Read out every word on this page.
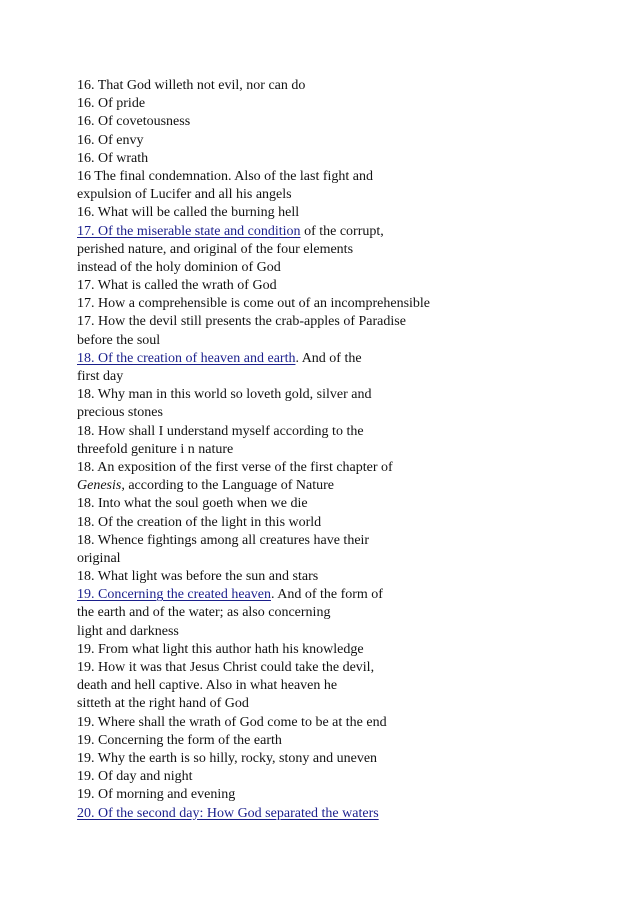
16. That God willeth not evil, nor can do
16. Of pride
16. Of covetousness
16. Of envy
16. Of wrath
16 The final condemnation. Also of the last fight and
expulsion of Lucifer and all his angels
16. What will be called the burning hell
17. Of the miserable state and condition of the corrupt,
perished nature, and original of the four elements
instead of the holy dominion of God
17. What is called the wrath of God
17. How a comprehensible is come out of an incomprehensible
17. How the devil still presents the crab-apples of Paradise
before the soul
18. Of the creation of heaven and earth. And of the
first day
18. Why man in this world so loveth gold, silver and
precious stones
18. How shall I understand myself according to the
threefold geniture i n nature
18. An exposition of the first verse of the first chapter of
Genesis, according to the Language of Nature
18. Into what the soul goeth when we die
18. Of the creation of the light in this world
18. Whence fightings among all creatures have their
original
18. What light was before the sun and stars
19. Concerning the created heaven. And of the form of
the earth and of the water; as also concerning
light and darkness
19. From what light this author hath his knowledge
19. How it was that Jesus Christ could take the devil,
death and hell captive. Also in what heaven he
sitteth at the right hand of God
19. Where shall the wrath of God come to be at the end
19. Concerning the form of the earth
19. Why the earth is so hilly, rocky, stony and uneven
19. Of day and night
19. Of morning and evening
20. Of the second day: How God separated the waters
